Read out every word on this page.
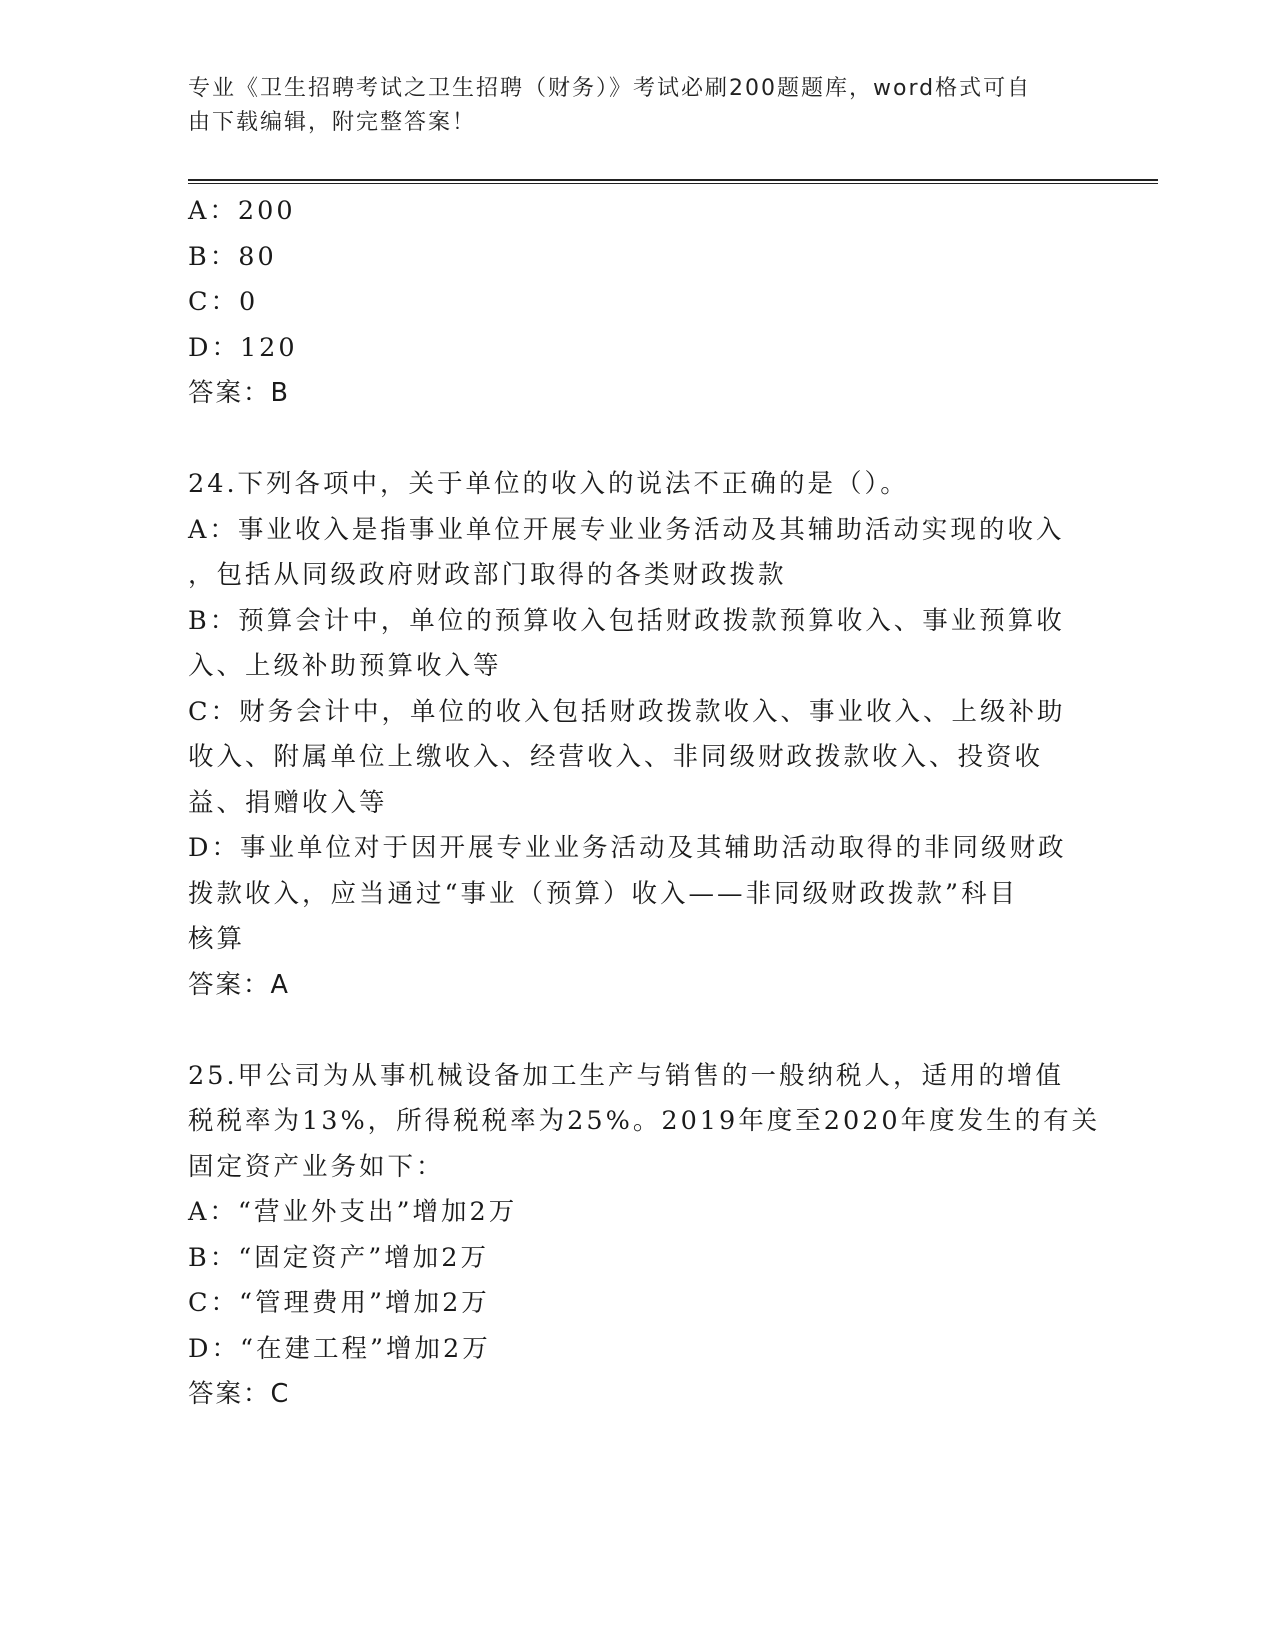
专业《卫生招聘考试之卫生招聘（财务）》考试必刷200题题库，word格式可自
由下载编辑，附完整答案！
A：200
B：80
C：0
D：120
答案：B
24.下列各项中，关于单位的收入的说法不正确的是（）。
A：事业收入是指事业单位开展专业业务活动及其辅助活动实现的收入
，包括从同级政府财政部门取得的各类财政拨款
B：预算会计中，单位的预算收入包括财政拨款预算收入、事业预算收
入、上级补助预算收入等
C：财务会计中，单位的收入包括财政拨款收入、事业收入、上级补助
收入、附属单位上缴收入、经营收入、非同级财政拨款收入、投资收
益、捐赠收入等
D：事业单位对于因开展专业业务活动及其辅助活动取得的非同级财政
拨款收入，应当通过“事业（预算）收入——非同级财政拨款”科目
核算
答案：A
25.甲公司为从事机械设备加工生产与销售的一般纳税人，适用的增值
税税率为13%，所得税税率为25%。2019年度至2020年度发生的有关
固定资产业务如下：
A：“营业外支出”增加2万
B：“固定资产”增加2万
C：“管理费用”增加2万
D：“在建工程”增加2万
答案：C
